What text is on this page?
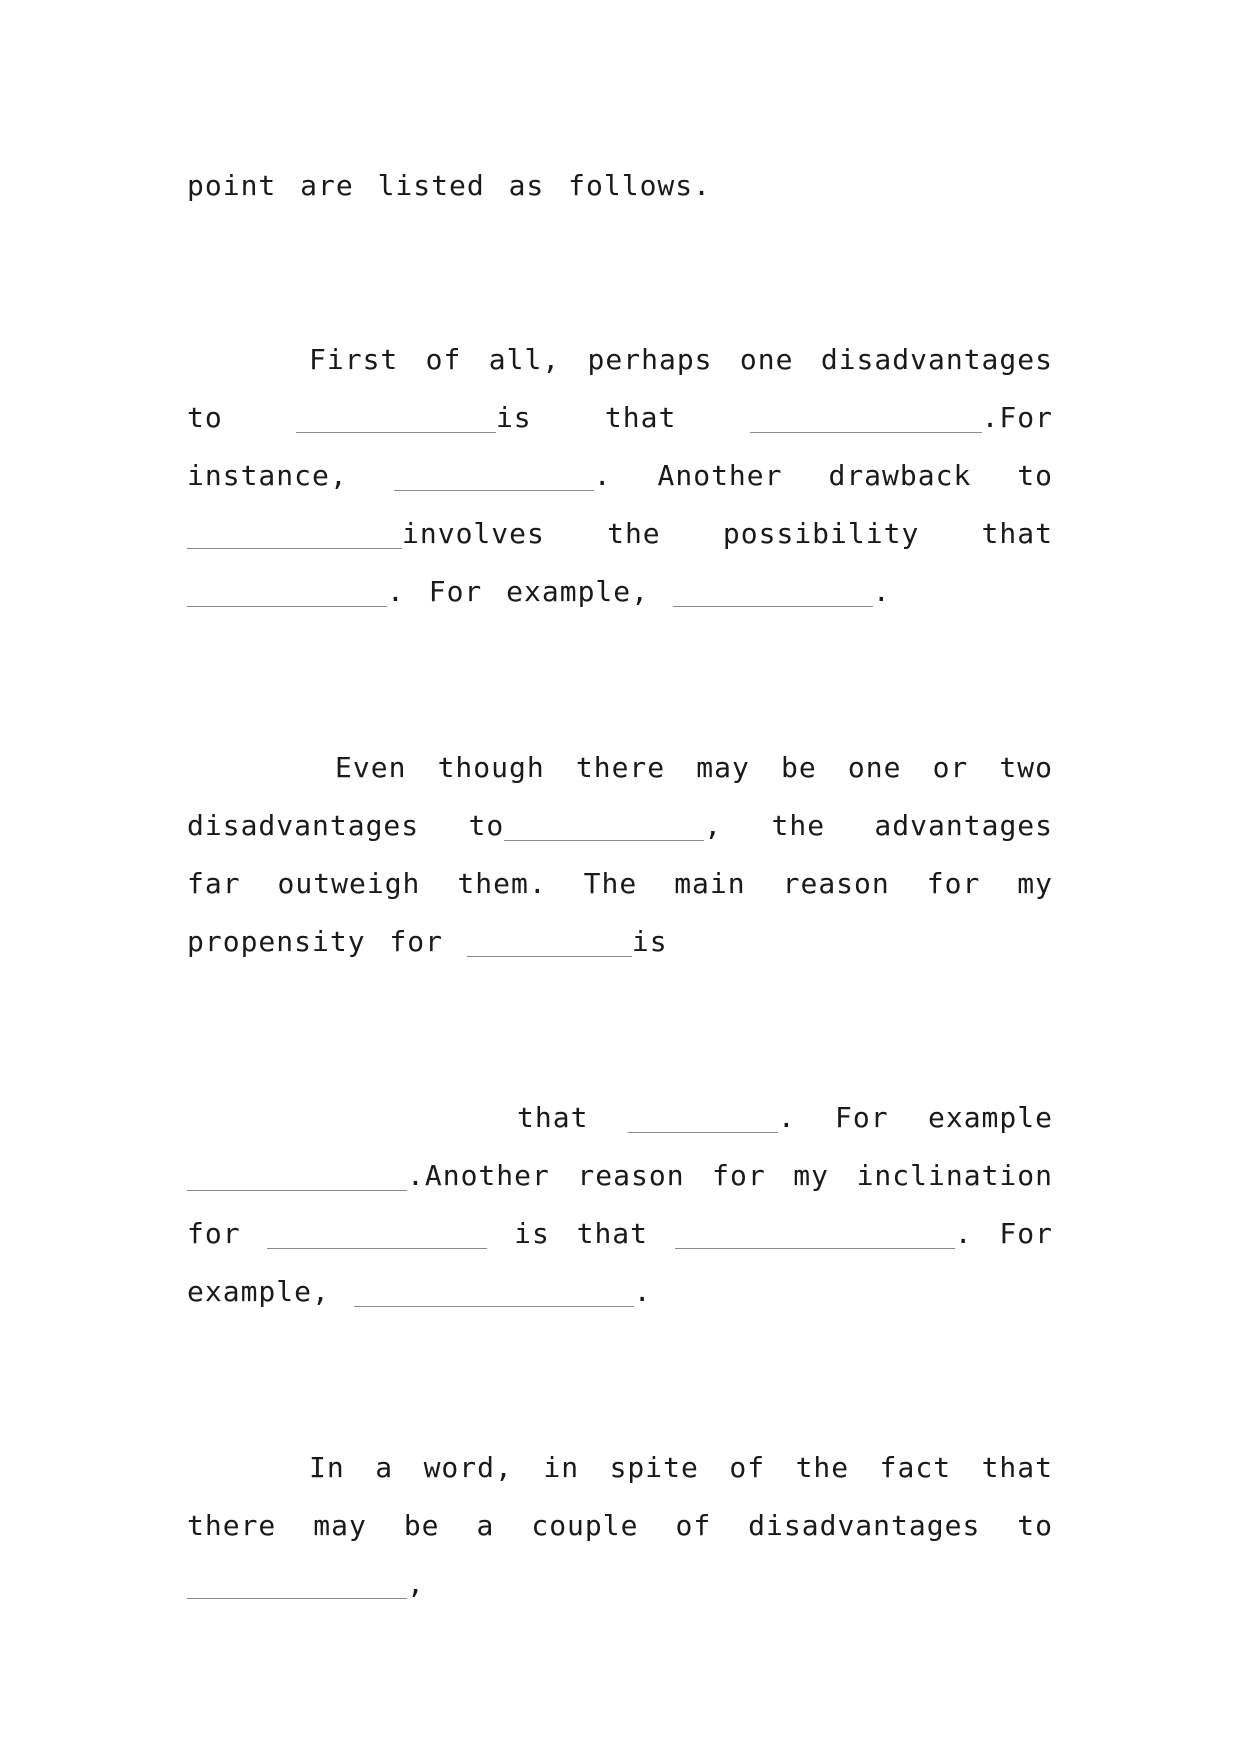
point are listed as follows.

First of all, perhaps one disadvantages to	is that	.For instance,	. Another drawback to involves the possibility that. For example,	.

Even though there may be one or two disadvantages to	, the advantages far outweigh them. The main reason for my propensity for	is

that	. For example.Another reason for my inclination for	is that	. For example,	.

In a word, in spite of the fact that there may be a couple of disadvantages to ,
